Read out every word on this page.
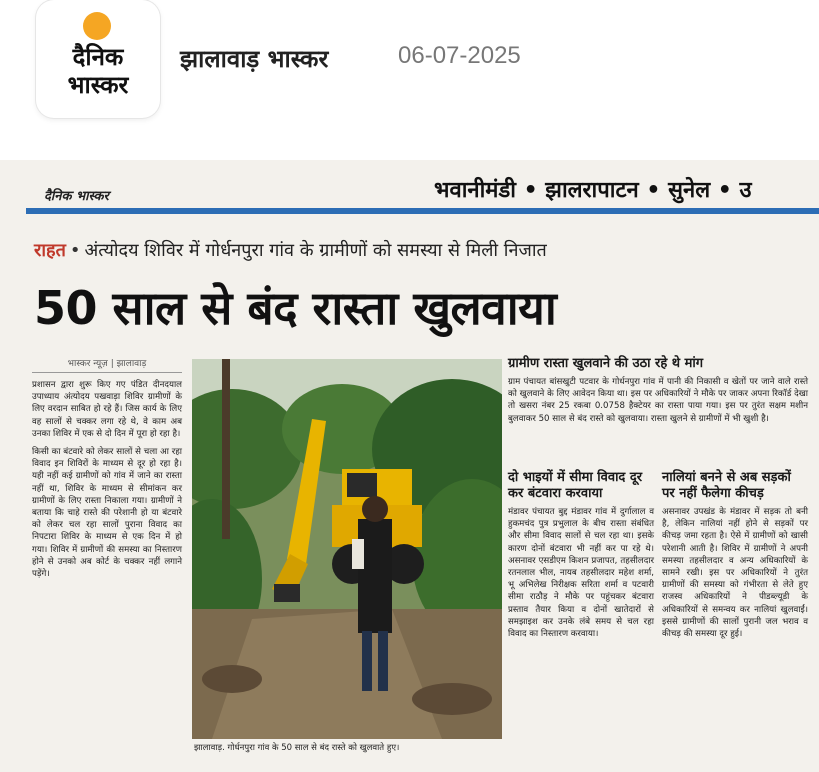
दैनिक
भास्कर
झालावाड़ भास्कर	06-07-2025
दैनिक भास्कर	भवानीमंडी • झालरापाटन • सुनेल • उ
राहत • अंत्योदय शिविर में गोर्धनपुरा गांव के ग्रामीणों को समस्या से मिली निजात
50 साल से बंद रास्ता खुलवाया
भास्कर न्यूज़ | झालावाड़

प्रशासन द्वारा शुरू किए गए पंडित दीनदयाल उपाध्याय अंत्योदय पखवाड़ा शिविर ग्रामीणों के लिए वरदान साबित हो रहे हैं। जिस कार्य के लिए वह सालों से चक्कर लगा रहे थे, वे काम अब उनका शिविर में एक से दो दिन में पूरा हो रहा है।

किसी का बंटवारे को लेकर सालों से चला आ रहा विवाद इन शिविरों के माध्यम से दूर हो रहा है। यही नहीं कई ग्रामीणों को गांव में जाने का रास्ता नहीं था, शिविर के माध्यम से सीमांकन कर ग्रामीणों के लिए रास्ता निकाला गया। ग्रामीणों ने बताया कि चाहे रास्ते की परेशानी हो या बंटवारे को लेकर चल रहा सालों पुराना विवाद का निपटारा शिविर के माध्यम से एक दिन में हो गया। शिविर में ग्रामीणों की समस्या का निस्तारण होने से उनको अब कोर्ट के चक्कर नहीं लगाने पड़ेंगे।

झालावाड़. गोर्धनपुरा गांव के 50 साल से बंद रास्ते को खुलवाते हुए।
ग्रामीण रास्ता खुलवाने की उठा रहे थे मांग

ग्राम पंचायत बांसखुटी पटवार के गोर्धनपुरा गांव में पानी की निकासी व खेतों पर जाने वाले रास्ते को खुलवाने के लिए आवेदन किया था। इस पर अधिकारियों ने मौके पर जाकर अपना रिकॉर्ड देखा तो खसरा नंबर 25 रकबा 0.0758 हैक्टेयर का रास्ता पाया गया। इस पर तुरंत सक्षम मशीन बुलवाकर 50 साल से बंद रास्ते को खुलवाया। रास्ता खुलने से ग्रामीणों में भी खुशी है।

दो भाइयों में सीमा विवाद दूर कर बंटवारा करवाया

मंडावर पंचायत बुद्द मंडावर गांव में दुर्गालाल व हुकमचंद पुत्र प्रभुलाल के बीच रास्ता संबंधित और सीमा विवाद सालों से चल रहा था। इसके कारण दोनों बंटवारा भी नहीं कर पा रहे थे। असनावर एसडीएम किशन प्रजापत, तहसीलदार रतनलाल भील, नायब तहसीलदार महेश शर्मा, भू अभिलेख निरीक्षक सरिता शर्मा व पटवारी सीमा राठौड़ ने मौके पर पहुंचकर बंटवारा प्रस्ताव तैयार किया व दोनों खातेदारों से समझाइश कर उनके लंबे समय से चल रहा विवाद का निस्तारण करवाया।

नालियां बनने से अब सड़कों पर नहीं फैलेगा कीचड़

असनावर उपखंड के मंडावर में सड़क तो बनी है, लेकिन नालियां नहीं होने से सड़कों पर कीचड़ जमा रहता है। ऐसे में ग्रामीणों को खासी परेशानी आती है। शिविर में ग्रामीणों ने अपनी समस्या तहसीलदार व अन्य अधिकारियों के सामने रखी। इस पर अधिकारियों ने तुरंत ग्रामीणों की समस्या को गंभीरता से लेते हुए राजस्व अधिकारियों ने पीडब्ल्यूडी के अधिकारियों से समन्वय कर नालियां खुलवाईं। इससे ग्रामीणों की सालों पुरानी जल भराव व कीचड़ की समस्या दूर हुई।
